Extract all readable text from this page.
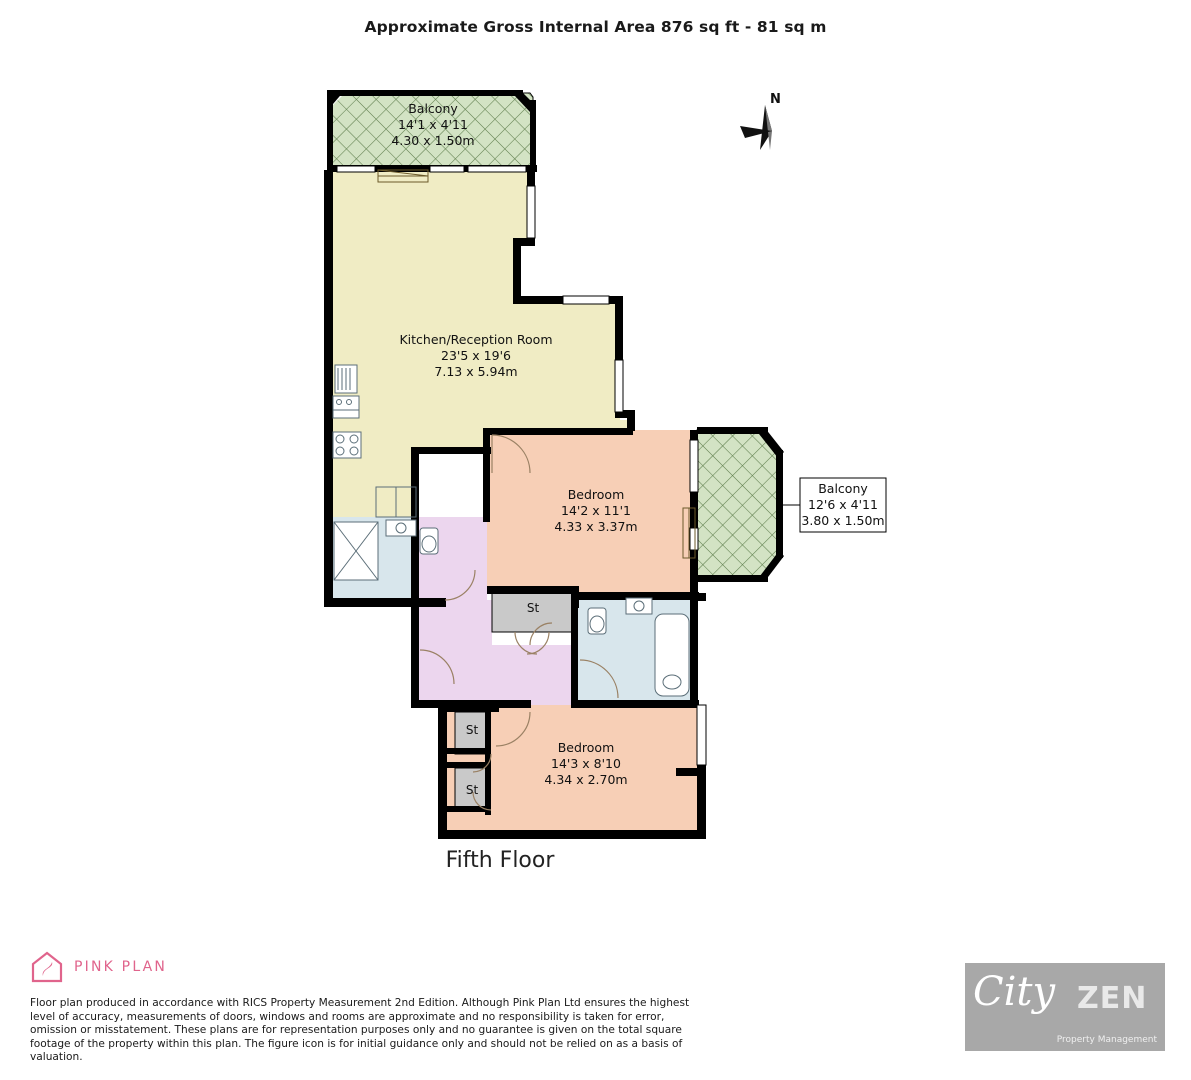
Approximate Gross Internal Area 876 sq ft - 81 sq m
N
Balcony
14'1 x 4'11
4.30 x 1.50m
Kitchen/Reception Room
23'5 x 19'6
7.13 x 5.94m
Bedroom
14'2 x 11'1
4.33 x 3.37m
Balcony
12'6 x 4'11
3.80 x 1.50m
Bedroom
14'3 x 8'10
4.34 x 2.70m
St
St
St
Fifth Floor
PINK PLAN
Floor plan produced in accordance with RICS Property Measurement 2nd Edition. Although Pink Plan Ltd ensures the highest level of accuracy, measurements of doors, windows and rooms are approximate and no responsibility is taken for error, omission or misstatement. These plans are for representation purposes only and no guarantee is given on the total square footage of the property within this plan. The figure icon is for initial guidance only and should not be relied on as a basis of valuation.
City ZEN
Property Management
